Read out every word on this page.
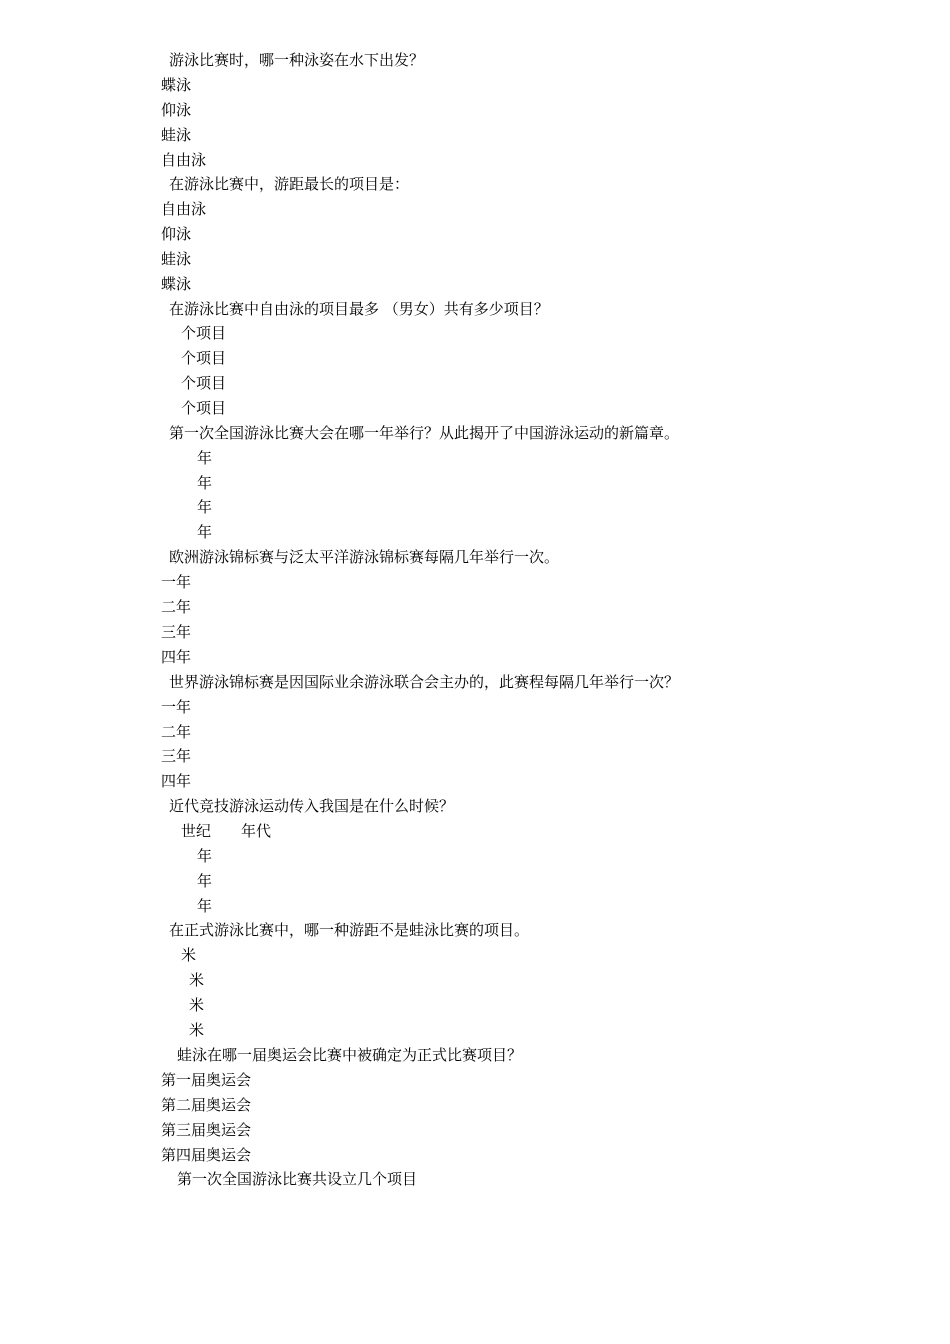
游泳比赛时，哪一种泳姿在水下出发？
蝶泳
仰泳
蛙泳
自由泳
在游泳比赛中，游距最长的项目是：
自由泳
仰泳
蛙泳
蝶泳
在游泳比赛中自由泳的项目最多 （男女）共有多少项目？
个项目
个项目
个项目
个项目
第一次全国游泳比赛大会在哪一年举行？从此揭开了中国游泳运动的新篇章。
年
年
年
年
欧洲游泳锦标赛与泛太平洋游泳锦标赛每隔几年举行一次。
一年
二年
三年
四年
世界游泳锦标赛是因国际业余游泳联合会主办的，此赛程每隔几年举行一次？
一年
二年
三年
四年
近代竞技游泳运动传入我国是在什么时候？
世纪　　年代
年
年
年
在正式游泳比赛中，哪一种游距不是蛙泳比赛的项目。
米
米
米
米
蛙泳在哪一届奥运会比赛中被确定为正式比赛项目？
第一届奥运会
第二届奥运会
第三届奥运会
第四届奥运会
第一次全国游泳比赛共设立几个项目
